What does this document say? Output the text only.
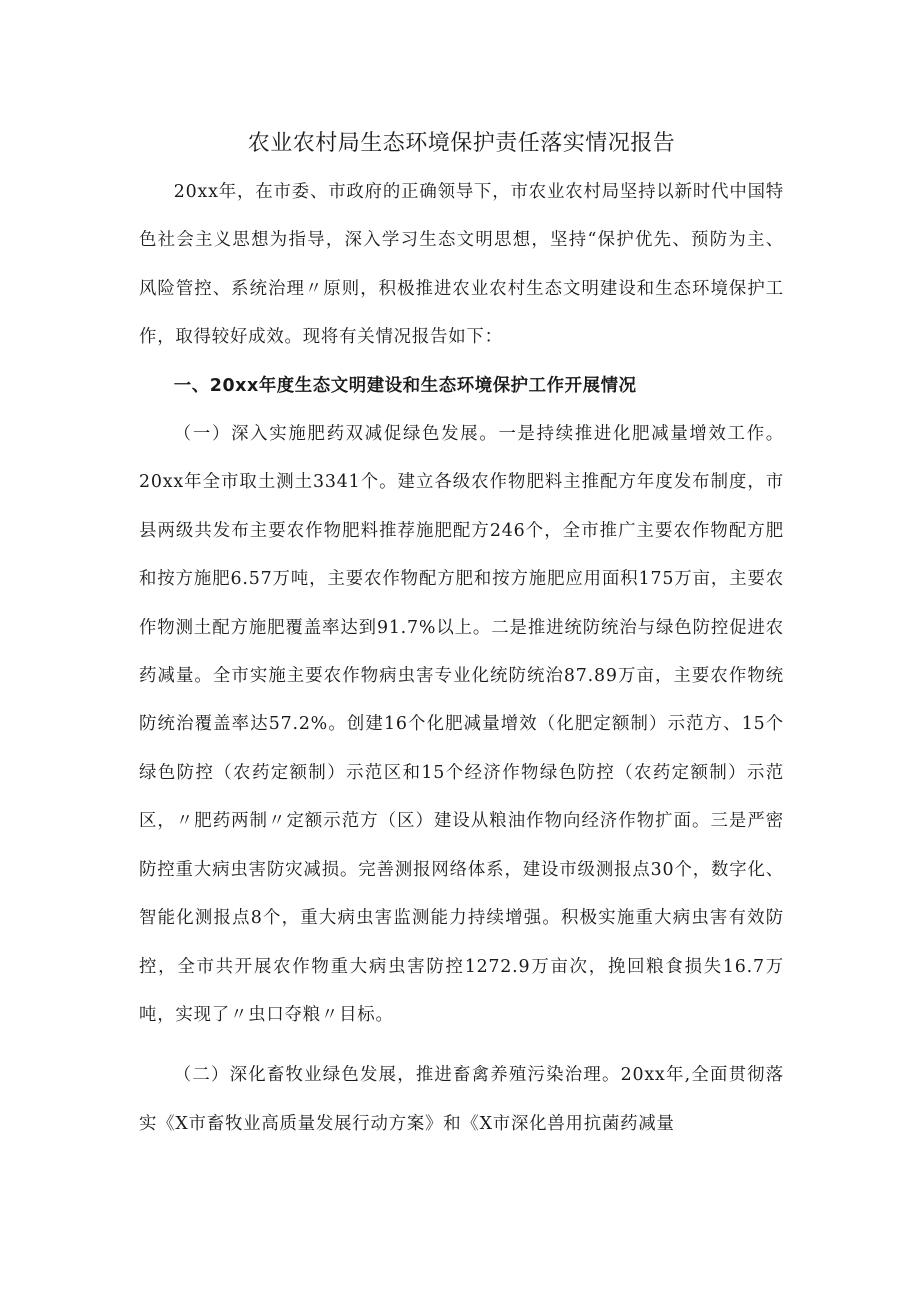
农业农村局生态环境保护责任落实情况报告

20xx年，在市委、市政府的正确领导下，市农业农村局坚持以新时代中国特色社会主义思想为指导，深入学习生态文明思想，坚持“保护优先、预防为主、风险管控、系统治理〃原则，积极推进农业农村生态文明建设和生态环境保护工作，取得较好成效。现将有关情况报告如下：

一、20xx年度生态文明建设和生态环境保护工作开展情况

（一）深入实施肥药双减促绿色发展。一是持续推进化肥减量增效工作。20xx年全市取土测土3341个。建立各级农作物肥料主推配方年度发布制度，市县两级共发布主要农作物肥料推荐施肥配方246个，全市推广主要农作物配方肥和按方施肥6.57万吨，主要农作物配方肥和按方施肥应用面积175万亩，主要农作物测土配方施肥覆盖率达到91.7%以上。二是推进统防统治与绿色防控促进农药减量。全市实施主要农作物病虫害专业化统防统治87.89万亩，主要农作物统防统治覆盖率达57.2%。创建16个化肥减量增效（化肥定额制）示范方、15个绿色防控（农药定额制）示范区和15个经济作物绿色防控（农药定额制）示范区，〃肥药两制〃定额示范方（区）建设从粮油作物向经济作物扩面。三是严密防控重大病虫害防灾减损。完善测报网络体系，建设市级测报点30个，数字化、智能化测报点8个，重大病虫害监测能力持续增强。积极实施重大病虫害有效防控，全市共开展农作物重大病虫害防控1272.9万亩次，挽回粮食损失16.7万吨，实现了〃虫口夺粮〃目标。

（二）深化畜牧业绿色发展，推进畜禽养殖污染治理。20xx年,全面贯彻落实《X市畜牧业高质量发展行动方案》和《X市深化兽用抗菌药减量
